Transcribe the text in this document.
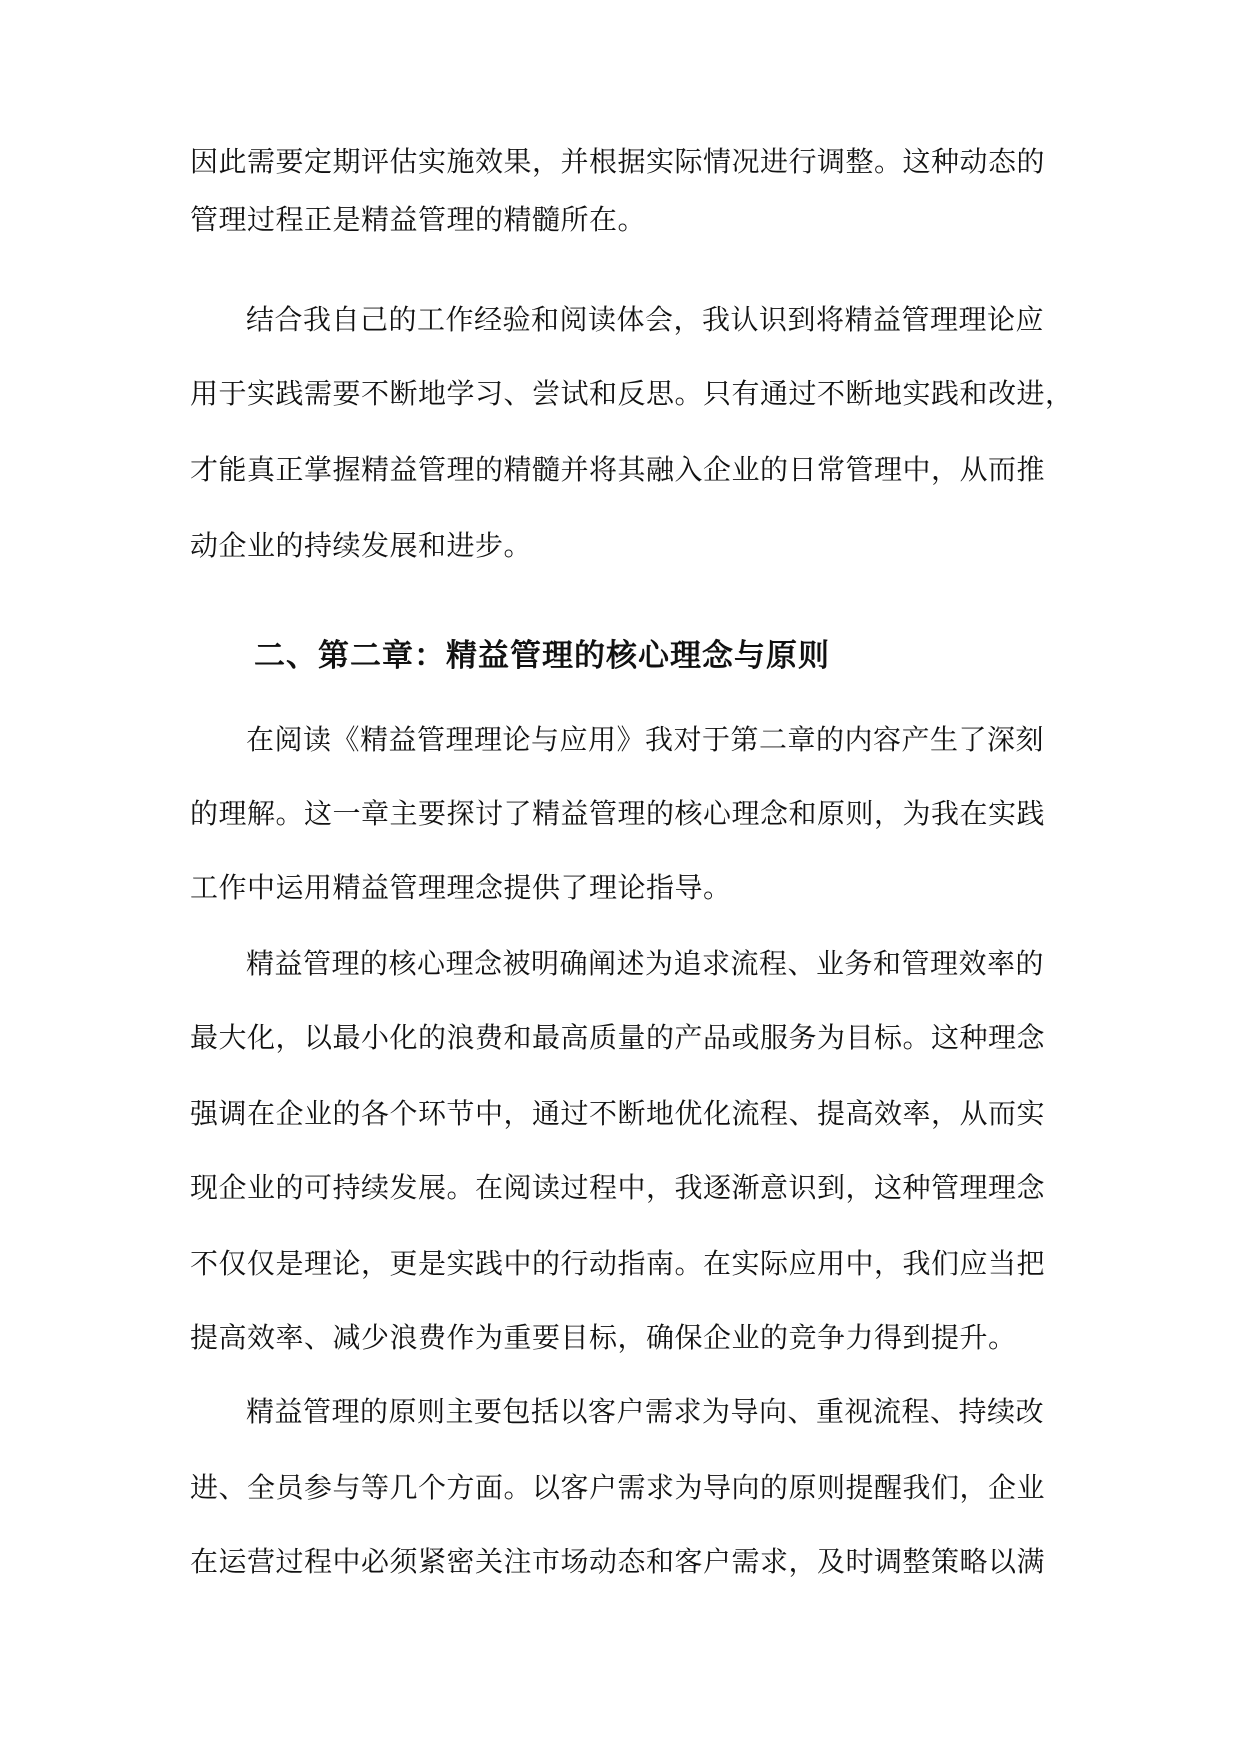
因此需要定期评估实施效果，并根据实际情况进行调整。这种动态的
管理过程正是精益管理的精髓所在。
结合我自己的工作经验和阅读体会，我认识到将精益管理理论应
用于实践需要不断地学习、尝试和反思。只有通过不断地实践和改进，
才能真正掌握精益管理的精髓并将其融入企业的日常管理中，从而推
动企业的持续发展和进步。
二、第二章：精益管理的核心理念与原则
在阅读《精益管理理论与应用》我对于第二章的内容产生了深刻
的理解。这一章主要探讨了精益管理的核心理念和原则，为我在实践
工作中运用精益管理理念提供了理论指导。
精益管理的核心理念被明确阐述为追求流程、业务和管理效率的
最大化，以最小化的浪费和最高质量的产品或服务为目标。这种理念
强调在企业的各个环节中，通过不断地优化流程、提高效率，从而实
现企业的可持续发展。在阅读过程中，我逐渐意识到，这种管理理念
不仅仅是理论，更是实践中的行动指南。在实际应用中，我们应当把
提高效率、减少浪费作为重要目标，确保企业的竞争力得到提升。
精益管理的原则主要包括以客户需求为导向、重视流程、持续改
进、全员参与等几个方面。以客户需求为导向的原则提醒我们，企业
在运营过程中必须紧密关注市场动态和客户需求，及时调整策略以满
